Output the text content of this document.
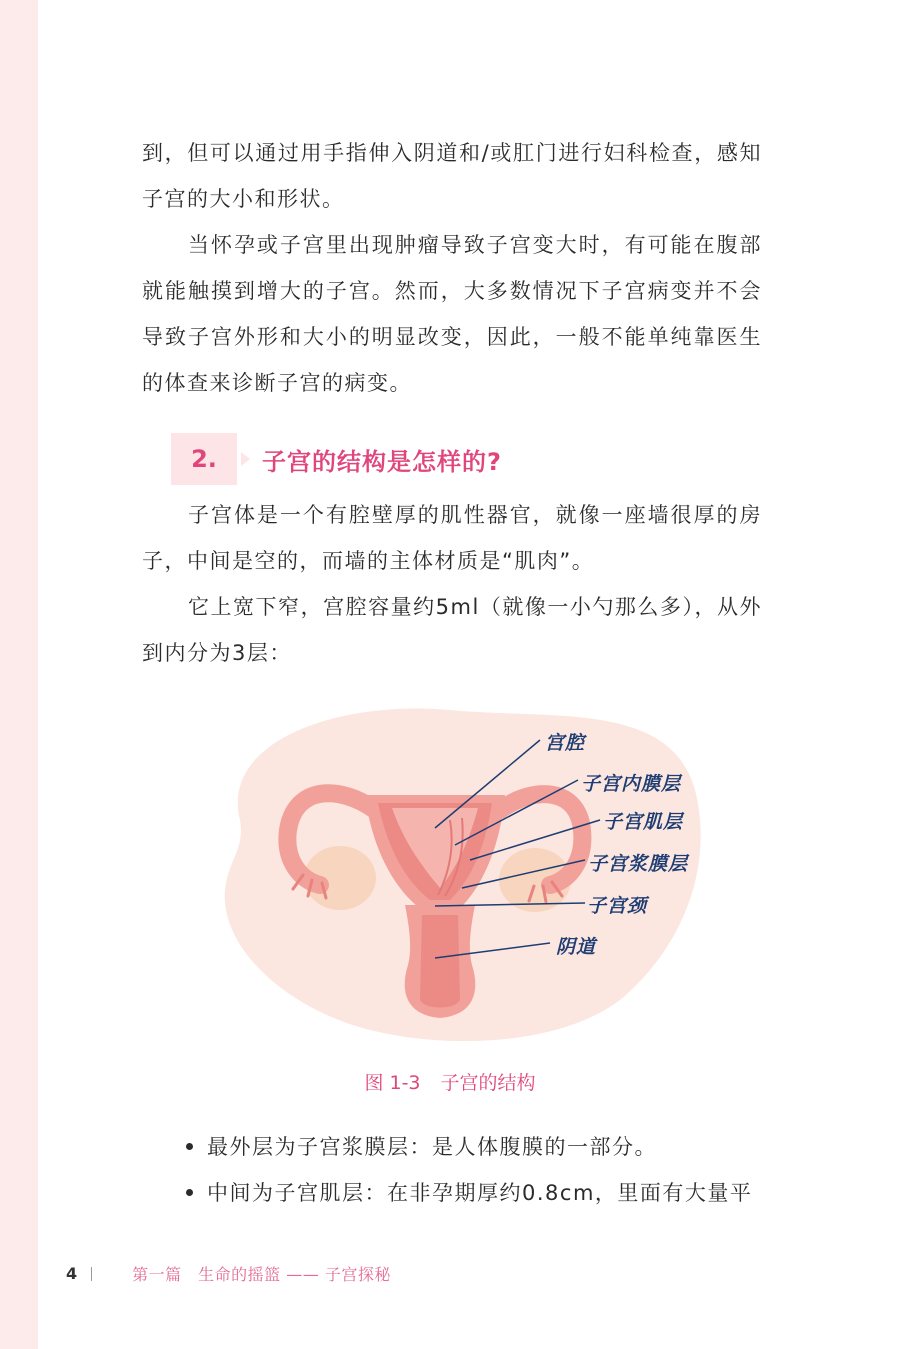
到，但可以通过用手指伸入阴道和/或肛门进行妇科检查，感知子宫的大小和形状。

当怀孕或子宫里出现肿瘤导致子宫变大时，有可能在腹部就能触摸到增大的子宫。然而，大多数情况下子宫病变并不会导致子宫外形和大小的明显改变，因此，一般不能单纯靠医生的体查来诊断子宫的病变。

2.	子宫的结构是怎样的?

子宫体是一个有腔壁厚的肌性器官，就像一座墙很厚的房子，中间是空的，而墙的主体材质是“肌肉”。

它上宽下窄，宫腔容量约5ml（就像一小勺那么多），从外到内分为3层：

宫腔
子宫内膜层
子宫肌层
子宫浆膜层
子宫颈
阴道
图 1-3 子宫的结构
最外层为子宫浆膜层：是人体腹膜的一部分。
中间为子宫肌层：在非孕期厚约0.8cm，里面有大量平
4	第一篇　生命的摇篮 —— 子宫探秘
